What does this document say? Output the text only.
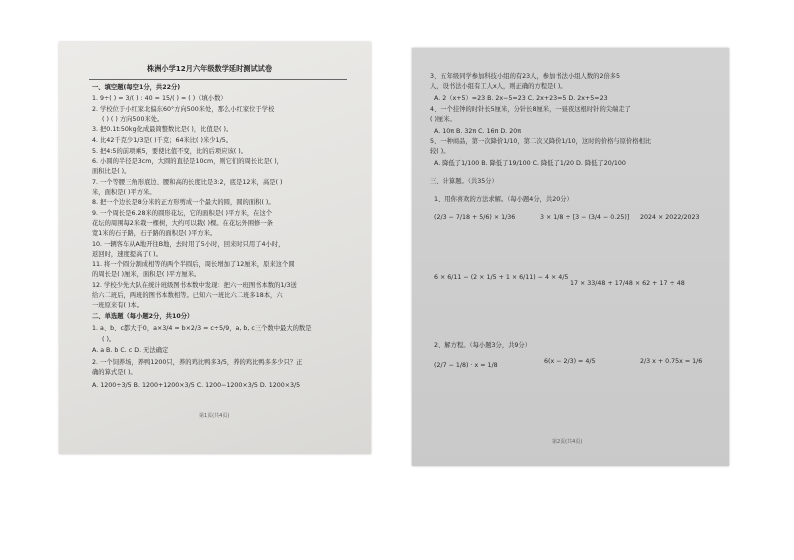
株洲小学12月六年级数学延时测试试卷
一、填空题(每空1分，共22分)
1. 9÷( ) = 3/( ) : 40 = 15/( ) = ( )（填小数）
2. 学校位于小红家北偏东60°方向500米处，那么小红家位于学校
( ) ( ) 方向500米处。
3. 把0.1t:50kg化成最简整数比是( )，比值是( )。
4. 比42千克少1/3是( )千克；64米比( )米少1/5。
5. 把4:5的前项乘5，要使比值不变，比的后项应该( )。
6. 小圆的半径是3cm，大圆的直径是10cm，则它们的周长比是( )，
面积比是( )。
7. 一个等腰三角形底边、腰和高的长度比是3:2，底是12米，高是( )
米，面积是( )平方米。
8. 把一个边长是8分米的正方形剪成一个最大的圆，圆的面积( )。
9. 一个周长是6.28米的圆形花坛，它的面积是( )平方米，在这个
花坛的周围每2米栽一棵树，大约可以栽( )棵。在花坛外围修一条
宽1米的石子路，石子路的面积是( )平方米。
10. 一辆客车从A地开往B地，去时用了5小时，回来时只用了4小时，
返回时，速度提高了( )。
11. 将一个圆分割成相等的两个半圆后，周长增加了12厘米，原来这个圆
的周长是( )厘米，面积是( )平方厘米。
12. 学校少先大队在统计班级图书本数中发现：把六一班图书本数的1/3送
给六二班后，两班的图书本数相等。已知六一班比六二班多18本，六
一班原来有( )本。
二、单选题（每小题2分，共10分）
1. a、b、c都大于0，a×3/4 = b×2/3 = c÷5/9，a, b, c三个数中最大的数是
( )。
A. a B. b C. c D. 无法确定
2. 一个饲养场，养鸭1200只，养的鸡比鸭多3/5，养的鸡比鸭多多少只？正
确的算式是( )。
A. 1200÷3/5 B. 1200+1200×3/5 C. 1200−1200×3/5 D. 1200×3/5
第1页(共4页)
3、五年级同学参加科技小组的有23人，参加书法小组人数的2倍多5
人，设书法小组有工人x人，则正确的方程是( )。
A. 2（x+5）=23 B. 2x−5=23 C. 2x+23=5 D. 2x+5=23
4、一个挂钟的时针长5厘米，分针长8厘米，一昼夜这根时针的尖端走了
( )厘米。
A. 10π B. 32π C. 16π D. 20π
5、一种商品，第一次降价1/10，第二次又降价1/10，这时的价格与原价格相比
较( )。
A. 降低了1/100 B. 降低了19/100 C. 降低了1/20 D. 降低了20/100
三、计算题。（共35分）
1、用你喜欢的方法求解。（每小题4分，共20分）
(2/3 − 7/18 + 5/6) × 1/36	3 × 1/8 ÷ [3 − (3/4 − 0.25)] 2024 × 2022/2023
6 × 6/11 − (2 × 1/5 + 1 × 6/11) − 4 × 4/5
17 × 33/48 + 17/48 × 62 + 17 ÷ 48
2、解方程。（每小题3分，共9分）
(2/7 − 1/8) · x = 1/8
6(x − 2/3) = 4/5	2/3 x + 0.75x = 1/6
第2页(共4页)
